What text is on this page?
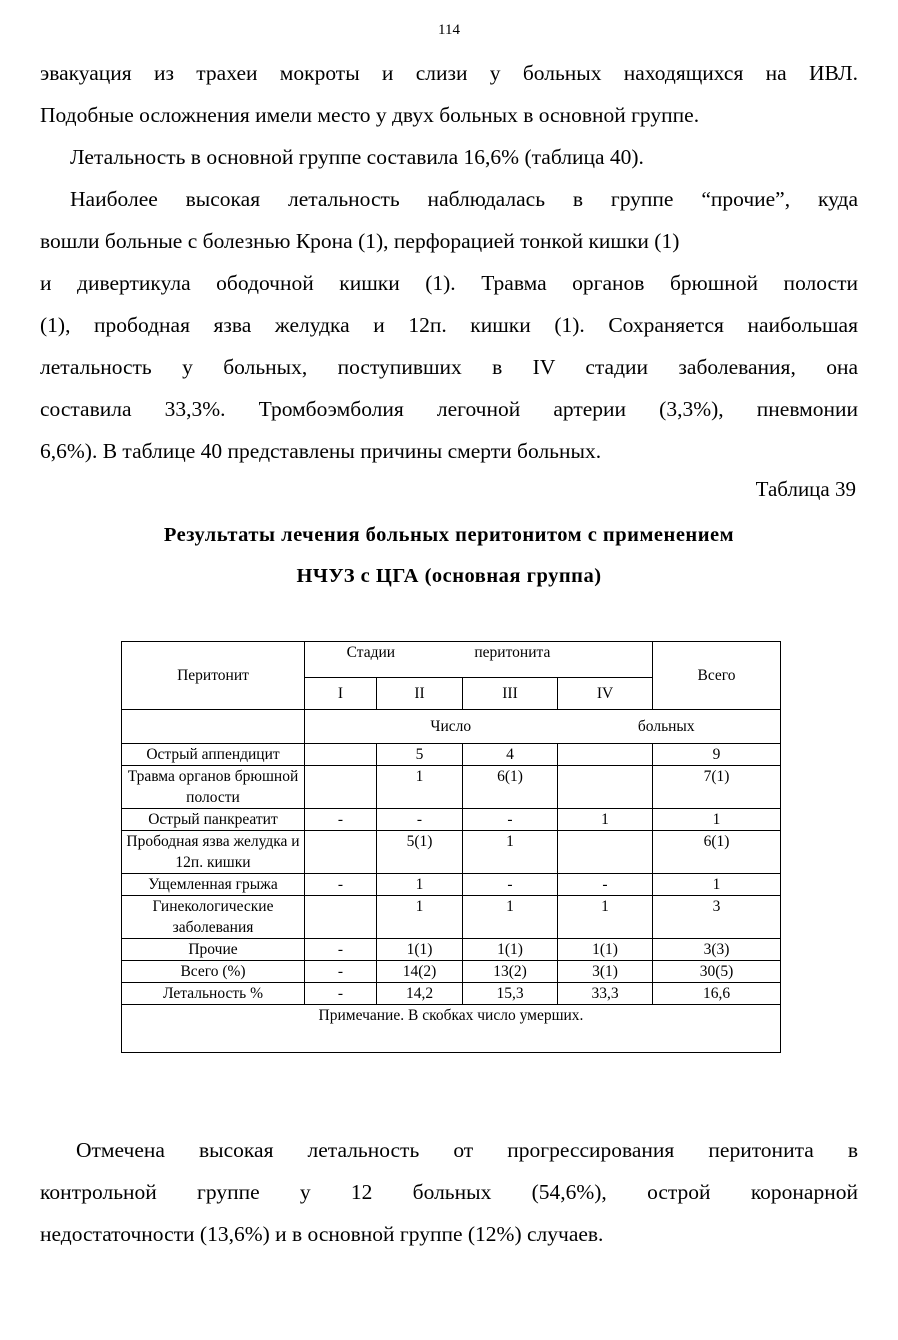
114
эвакуация из трахеи мокроты и слизи у больных находящихся на ИВЛ.
Подобные осложнения имели место у двух больных в основной группе.
Летальность в основной группе составила 16,6% (таблица 40).
Наиболее высокая летальность наблюдалась в группе “прочие”, куда
вошли больные с болезнью Крона (1), перфорацией тонкой кишки (1)
и дивертикула ободочной кишки (1). Травма органов брюшной полости
(1), прободная язва желудка и 12п. кишки (1). Сохраняется наибольшая
летальность у больных, поступивших в IV стадии заболевания, она
составила 33,3%. Тромбоэмболия легочной артерии (3,3%), пневмонии
6,6%). В таблице 40 представлены причины смерти больных.
Таблица 39
Результаты лечения больных перитонитом с применением
НЧУЗ с ЦГА (основная группа)
Перитонит	Стадии перитонита				Всего
	I	II	III	IV	

	Число больных				

Острый аппендицит		5	4		9
Травма органов брюшной полости		1	6(1)		7(1)
Острый панкреатит	-	-	-	1	1
Прободная язва желудка и 12п. кишки		5(1)	1		6(1)
Ущемленная грыжа	-	1	-	-	1
Гинекологические заболевания		1	1	1	3
Прочие	-	1(1)	1(1)	1(1)	3(3)
Всего (%)	-	14(2)	13(2)	3(1)	30(5)
Летальность %	-	14,2	15,3	33,3	16,6
Примечание. В скобках число умерших.					
Отмечена высокая летальность от прогрессирования перитонита в
контрольной группе у 12 больных (54,6%), острой коронарной
недостаточности (13,6%) и в основной группе (12%) случаев.
